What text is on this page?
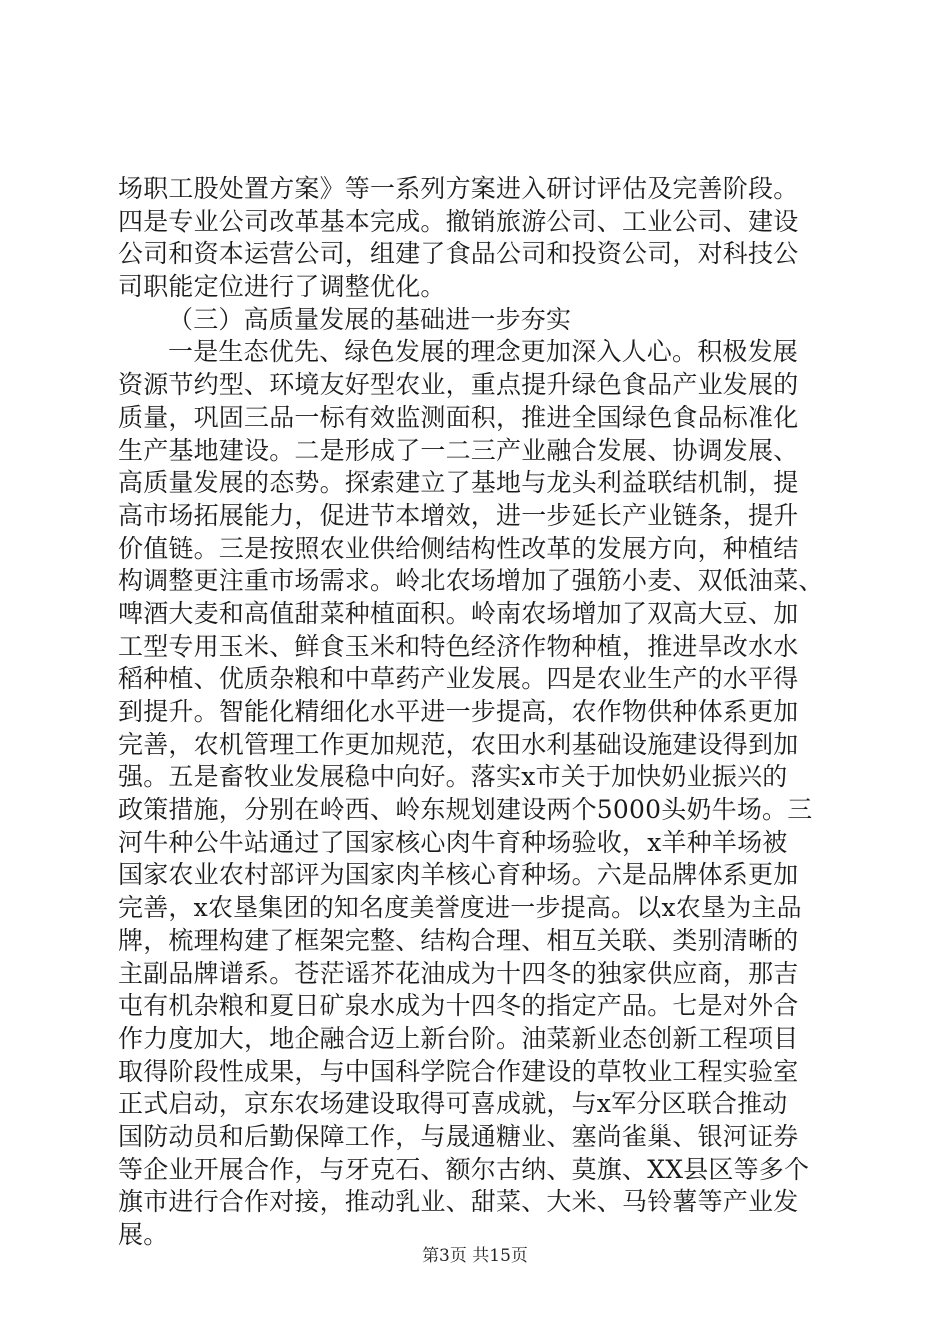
场职工股处置方案》等一系列方案进入研讨评估及完善阶段。
四是专业公司改革基本完成。撤销旅游公司、工业公司、建设
公司和资本运营公司，组建了食品公司和投资公司，对科技公
司职能定位进行了调整优化。
（三）高质量发展的基础进一步夯实
一是生态优先、绿色发展的理念更加深入人心。积极发展
资源节约型、环境友好型农业，重点提升绿色食品产业发展的
质量，巩固三品一标有效监测面积，推进全国绿色食品标准化
生产基地建设。二是形成了一二三产业融合发展、协调发展、
高质量发展的态势。探索建立了基地与龙头利益联结机制，提
高市场拓展能力，促进节本增效，进一步延长产业链条，提升
价值链。三是按照农业供给侧结构性改革的发展方向，种植结
构调整更注重市场需求。岭北农场增加了强筋小麦、双低油菜、
啤酒大麦和高值甜菜种植面积。岭南农场增加了双高大豆、加
工型专用玉米、鲜食玉米和特色经济作物种植，推进旱改水水
稻种植、优质杂粮和中草药产业发展。四是农业生产的水平得
到提升。智能化精细化水平进一步提高，农作物供种体系更加
完善，农机管理工作更加规范，农田水利基础设施建设得到加
强。五是畜牧业发展稳中向好。落实x市关于加快奶业振兴的
政策措施，分别在岭西、岭东规划建设两个5000头奶牛场。三
河牛种公牛站通过了国家核心肉牛育种场验收，x羊种羊场被
国家农业农村部评为国家肉羊核心育种场。六是品牌体系更加
完善，x农垦集团的知名度美誉度进一步提高。以x农垦为主品
牌，梳理构建了框架完整、结构合理、相互关联、类别清晰的
主副品牌谱系。苍茫谣芥花油成为十四冬的独家供应商，那吉
屯有机杂粮和夏日矿泉水成为十四冬的指定产品。七是对外合
作力度加大，地企融合迈上新台阶。油菜新业态创新工程项目
取得阶段性成果，与中国科学院合作建设的草牧业工程实验室
正式启动，京东农场建设取得可喜成就，与x军分区联合推动
国防动员和后勤保障工作，与晟通糖业、塞尚雀巢、银河证券
等企业开展合作，与牙克石、额尔古纳、莫旗、XX县区等多个
旗市进行合作对接，推动乳业、甜菜、大米、马铃薯等产业发
展。
第3页 共15页
